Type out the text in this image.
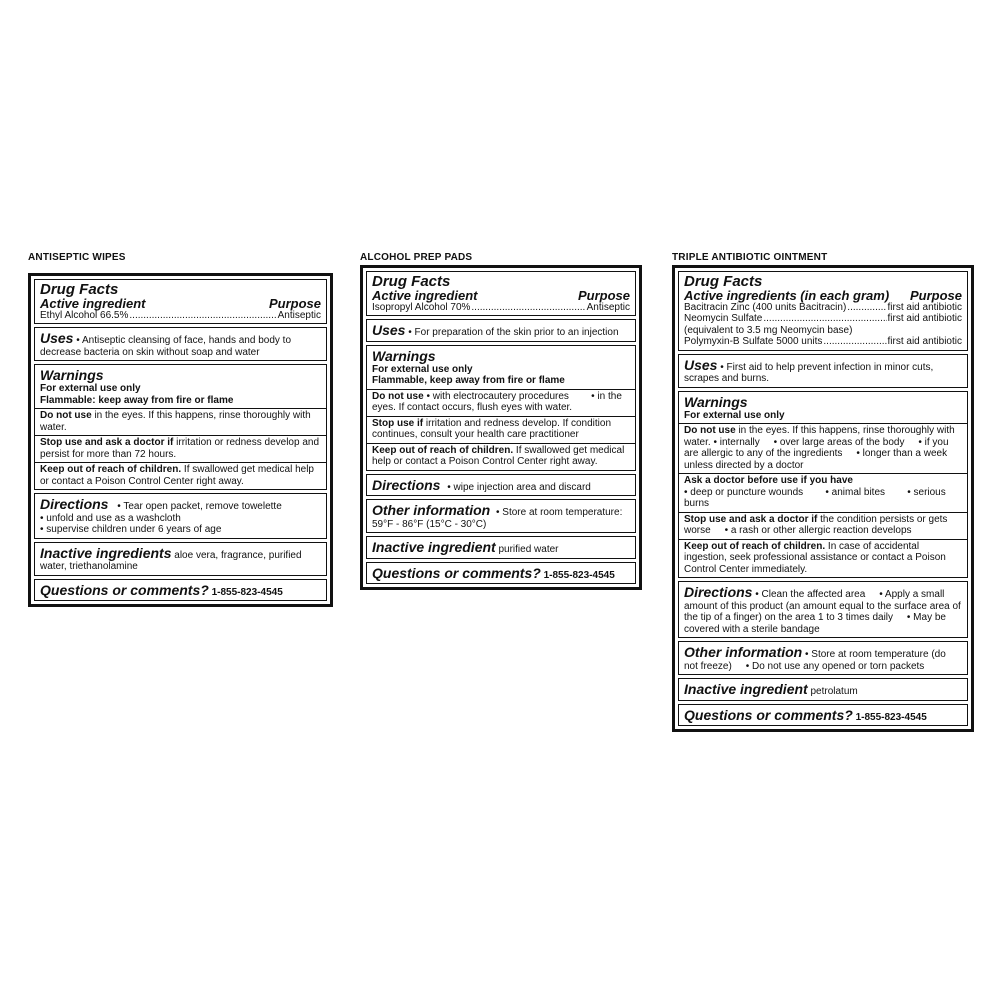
ANTISEPTIC WIPES
Drug Facts
Active ingredient	Purpose
Ethyl Alcohol 66.5% .....	Antiseptic
Uses • Antiseptic cleansing of face, hands and body to decrease bacteria on skin without soap and water
Warnings
For external use only
Flammable: keep away from fire or flame
Do not use in the eyes. If this happens, rinse thoroughly with water.
Stop use and ask a doctor if irritation or redness develop and persist for more than 72 hours.
Keep out of reach of children. If swallowed get medical help or contact a Poison Control Center right away.
Directions • Tear open packet, remove towelette
• unfold and use as a washcloth
• supervise children under 6 years of age
Inactive ingredients aloe vera, fragrance, purified water, triethanolamine
Questions or comments? 1-855-823-4545
ALCOHOL PREP PADS
Drug Facts
Active ingredient	Purpose
Isopropyl Alcohol 70% .....	Antiseptic
Uses • For preparation of the skin prior to an injection
Warnings
For external use only
Flammable, keep away from fire or flame
Do not use • with electrocautery procedures        • in the eyes. If contact occurs, flush eyes with water.
Stop use if irritation and redness develop. If condition continues, consult your health care practitioner
Keep out of reach of children. If swallowed get medical help or contact a Poison Control Center right away.
Directions • wipe injection area and discard
Other information • Store at room temperature: 59°F - 86°F (15°C - 30°C)
Inactive ingredient purified water
Questions or comments? 1-855-823-4545
TRIPLE ANTIBIOTIC OINTMENT
Drug Facts
Active ingredients (in each gram) Purpose
Bacitracin Zinc (400 units Bacitracin) .....	first aid antibiotic
Neomycin Sulfate .....	first aid antibiotic
(equivalent to 3.5 mg Neomycin base)
Polymyxin-B Sulfate 5000 units .....	first aid antibiotic
Uses • First aid to help prevent infection in minor cuts, scrapes and burns.
Warnings
For external use only
Do not use in the eyes. If this happens, rinse thoroughly with water. • internally     • over large areas of the body     • if you are allergic to any of the ingredients     • longer than a week unless directed by a doctor
Ask a doctor before use if you have
• deep or puncture wounds        • animal bites        • serious burns
Stop use and ask a doctor if the condition persists or gets worse     • a rash or other allergic reaction develops
Keep out of reach of children. In case of accidental ingestion, seek professional assistance or contact a Poison Control Center immediately.
Directions • Clean the affected area     • Apply a small amount of this product (an amount equal to the surface area of the tip of a finger) on the area 1 to 3 times daily     • May be covered with a sterile bandage
Other information • Store at room temperature (do not freeze)     • Do not use any opened or torn packets
Inactive ingredient petrolatum
Questions or comments? 1-855-823-4545
